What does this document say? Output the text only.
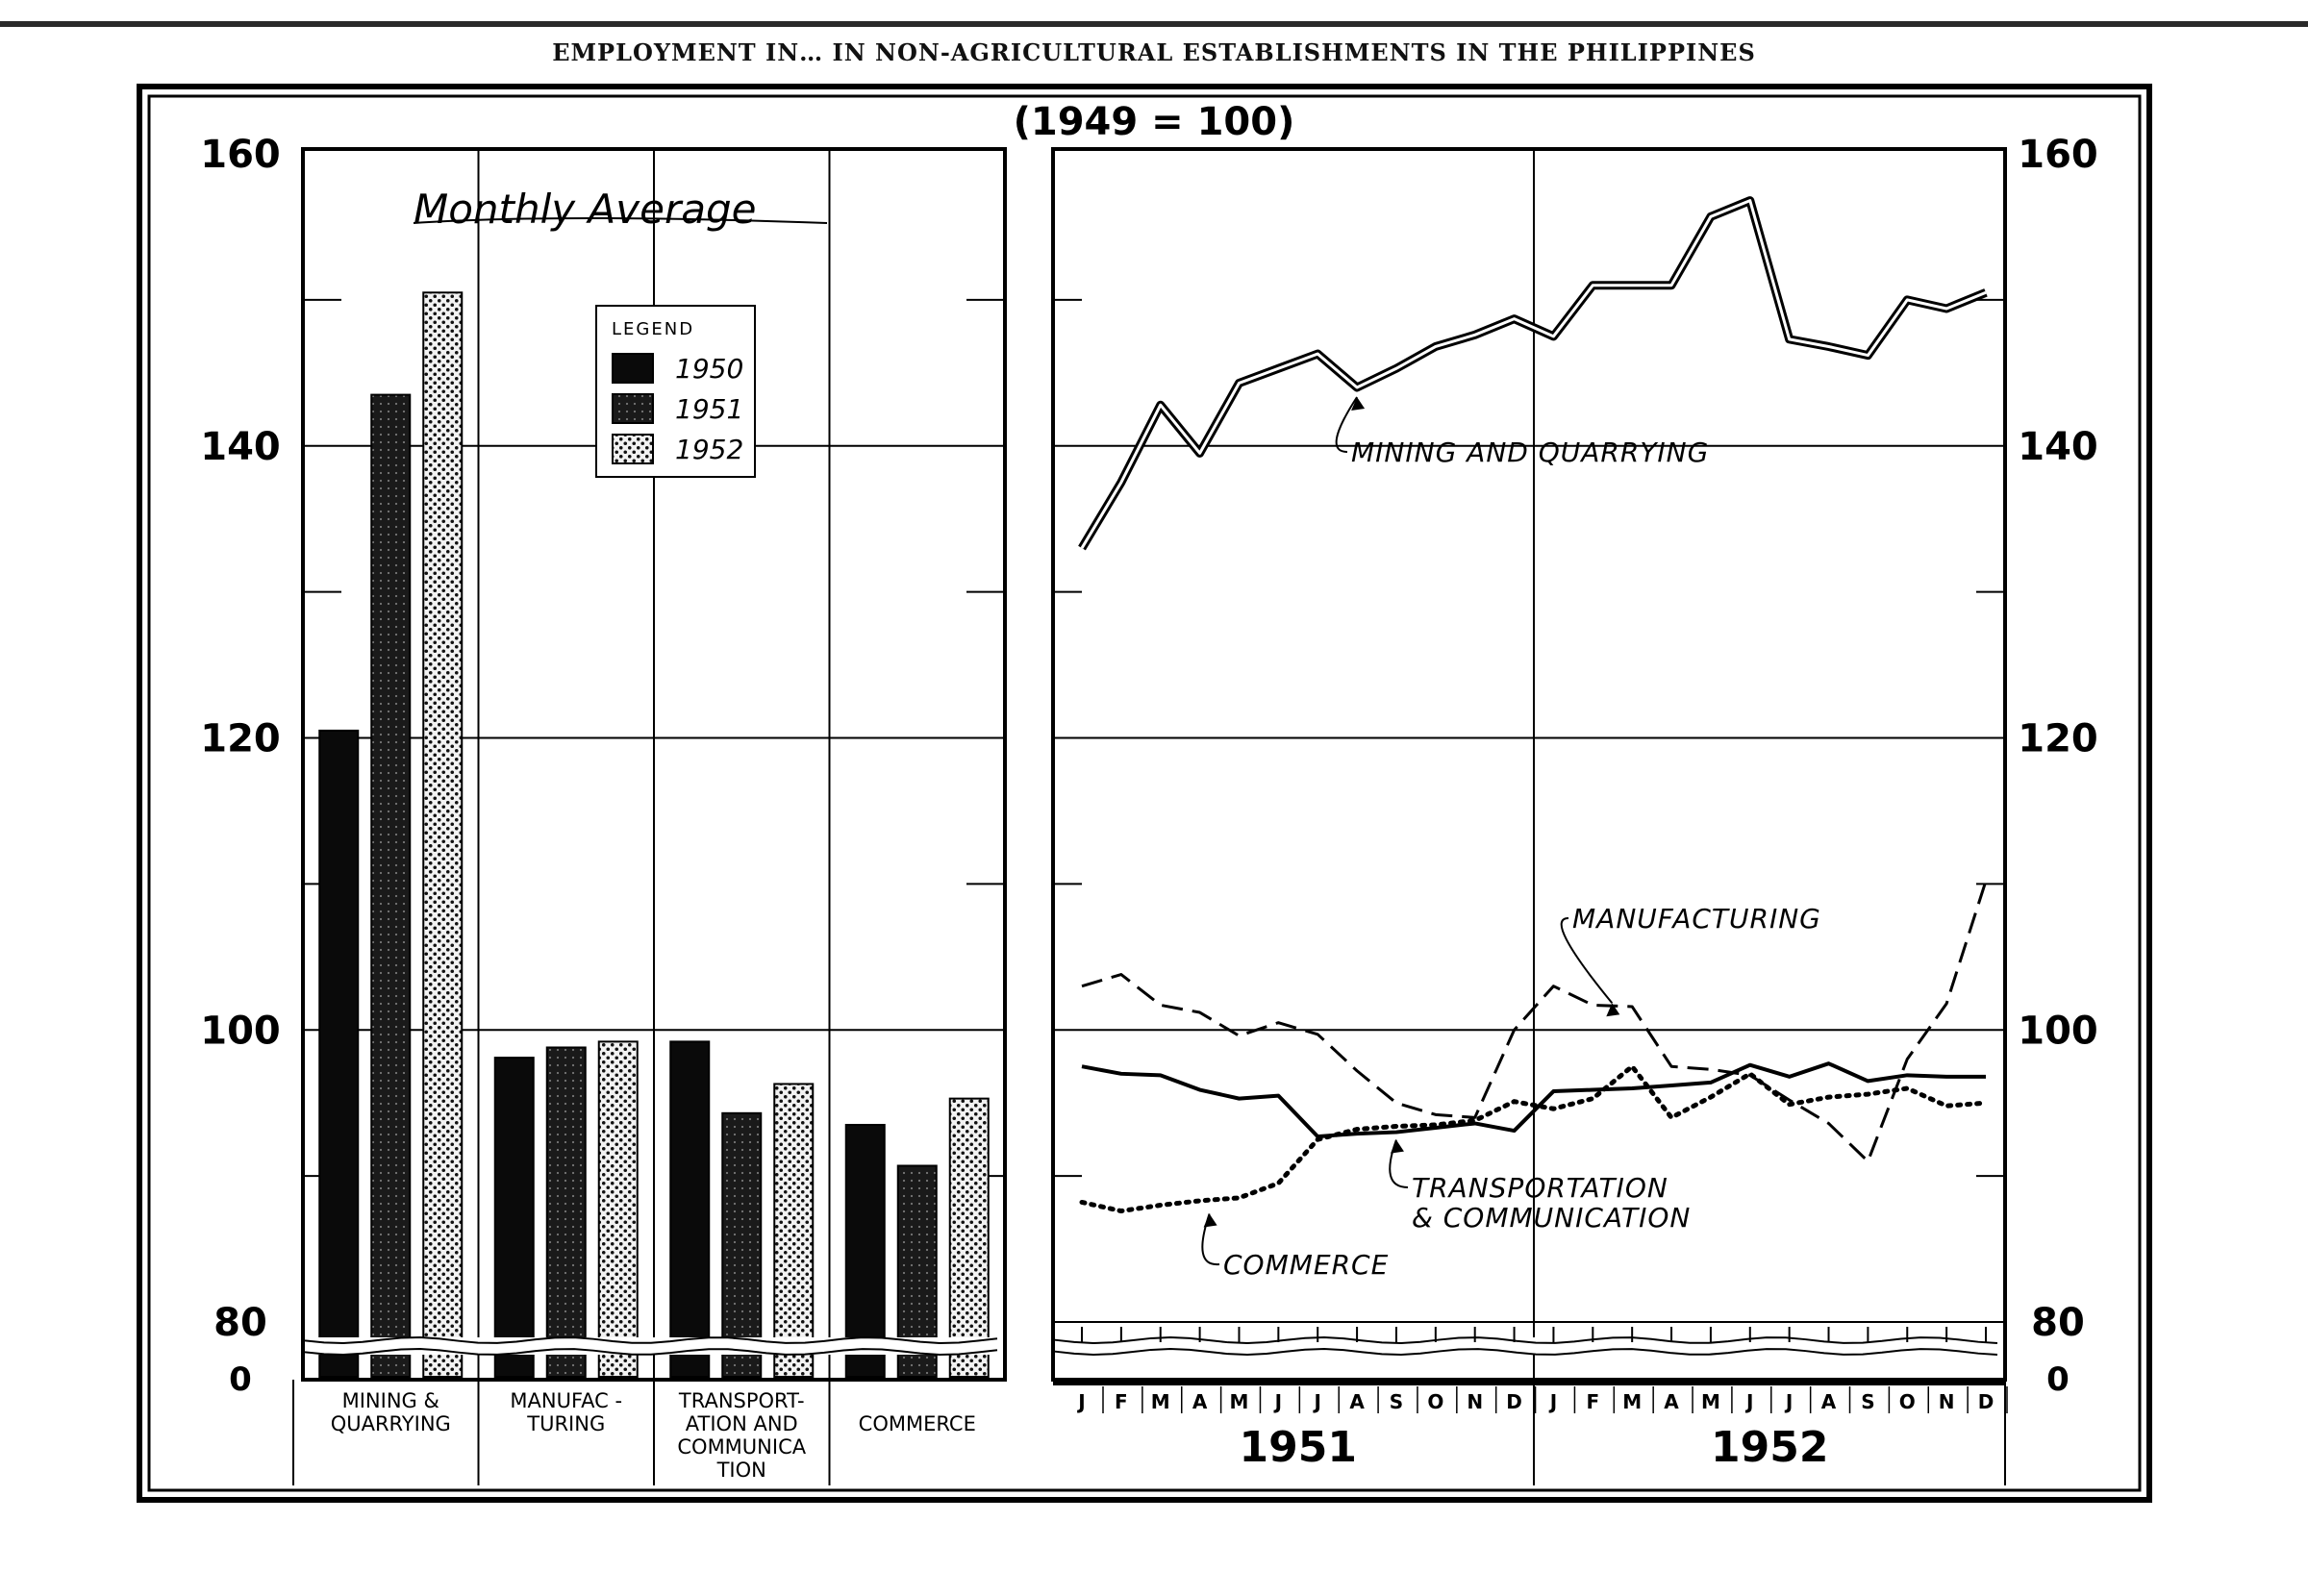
EMPLOYMENT IN… IN NON-AGRICULTURAL ESTABLISHMENTS IN THE PHILIPPINES
(1949 = 100)
0
80
100
120
140
160
MINING & QUARRYING
MANUFAC -TURING
TRANSPORT-ATION AND COMMUNICA TION
COMMERCE
Monthly Average
LEGEND
1950
1951
1952	MINING AND QUARRYING
MANUFACTURING
TRANSPORTATION & COMMUNICATION
COMMERCE
0
80
100
120
140
160
J F M A M J J A S O N D J F M A M J J A S O N D
1951	1952
